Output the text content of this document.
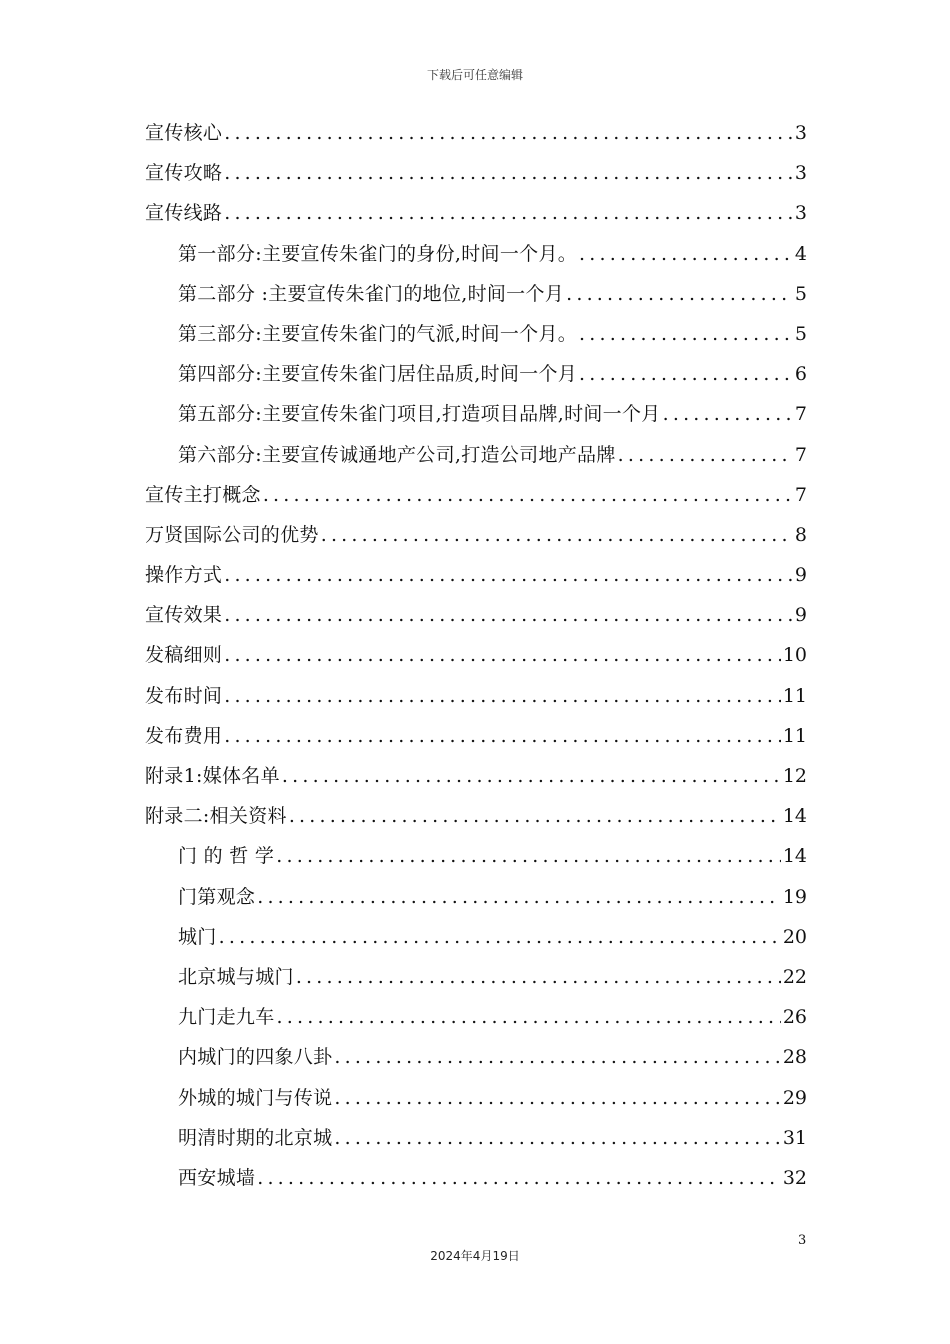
下载后可任意编辑
宣传核心 .....	3
宣传攻略 .....	3
宣传线路 .....	3
第一部分:主要宣传朱雀门的身份,时间一个月。 .....	4
第二部分 :主要宣传朱雀门的地位,时间一个月 .....	5
第三部分:主要宣传朱雀门的气派,时间一个月。 .....	5
第四部分:主要宣传朱雀门居住品质,时间一个月 .....	6
第五部分:主要宣传朱雀门项目,打造项目品牌,时间一个月 .....	7
第六部分:主要宣传诚通地产公司,打造公司地产品牌 .....	7
宣传主打概念 .....	7
万贤国际公司的优势 .....	8
操作方式 .....	9
宣传效果 .....	9
发稿细则 .....	10
发布时间 .....	11
发布费用 .....	11
附录1:媒体名单 .....	12
附录二:相关资料 .....	14
门 的 哲 学 .....	14
门第观念 .....	19
城门 .....	20
北京城与城门 .....	22
九门走九车 .....	26
内城门的四象八卦 .....	28
外城的城门与传说 .....	29
明清时期的北京城 .....	31
西安城墙 .....	32
3
2024年4月19日
